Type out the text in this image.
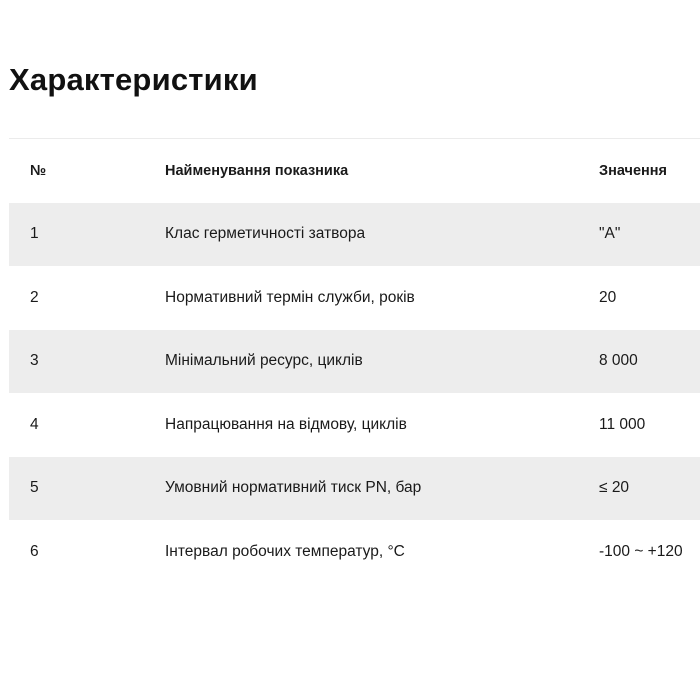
Характеристики
№	Найменування показника	Значення
1	Клас герметичності затвора	"А"
2	Нормативний термін служби, років	20
3	Мінімальний ресурс, циклів	8 000
4	Напрацювання на відмову, циклів	11 000
5	Умовний нормативний тиск PN, бар	≤ 20
6	Інтервал робочих температур, °С	-100 ~ +120
